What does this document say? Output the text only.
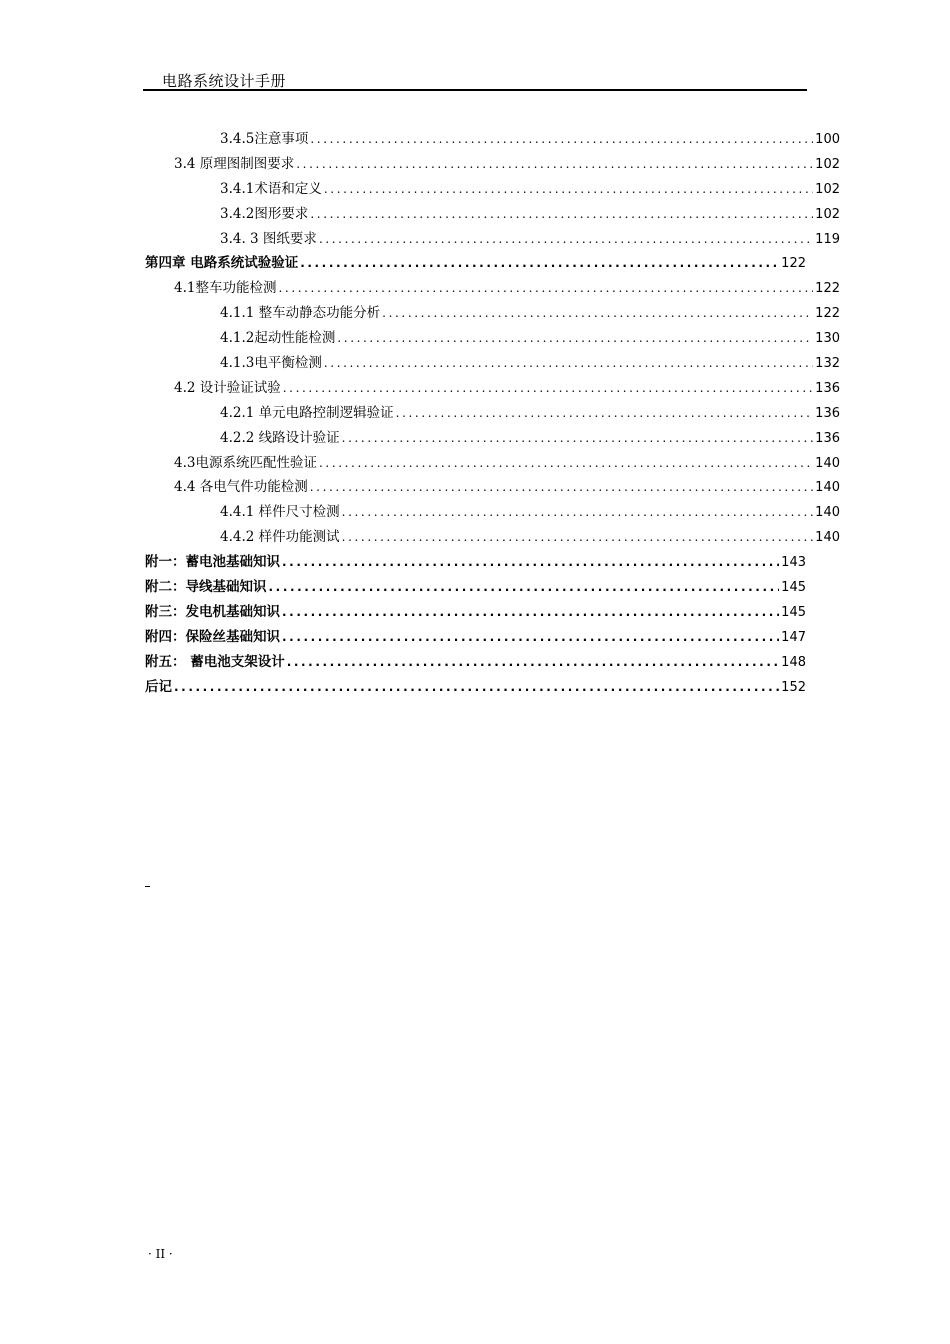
电路系统设计手册
3.4.5注意事项 .....	100
3.4 原理图制图要求 .....	102
3.4.1术语和定义 .....	102
3.4.2图形要求 .....	102
3.4. 3 图纸要求 .....	119
第四章 电路系统试验验证 .....	122
4.1整车功能检测 .....	122
4.1.1 整车动静态功能分析 .....	122
4.1.2起动性能检测 .....	130
4.1.3电平衡检测 .....	132
4.2 设计验证试验 .....	136
4.2.1 单元电路控制逻辑验证 .....	136
4.2.2 线路设计验证 .....	136
4.3电源系统匹配性验证 .....	140
4.4 各电气件功能检测 .....	140
4.4.1 样件尺寸检测 .....	140
4.4.2 样件功能测试 .....	140
附一：蓄电池基础知识 .....	143
附二：导线基础知识 .....	145
附三：发电机基础知识 .....	145
附四：保险丝基础知识 .....	147
附五： 蓄电池支架设计 .....	148
后记 .....	152
· II ·
